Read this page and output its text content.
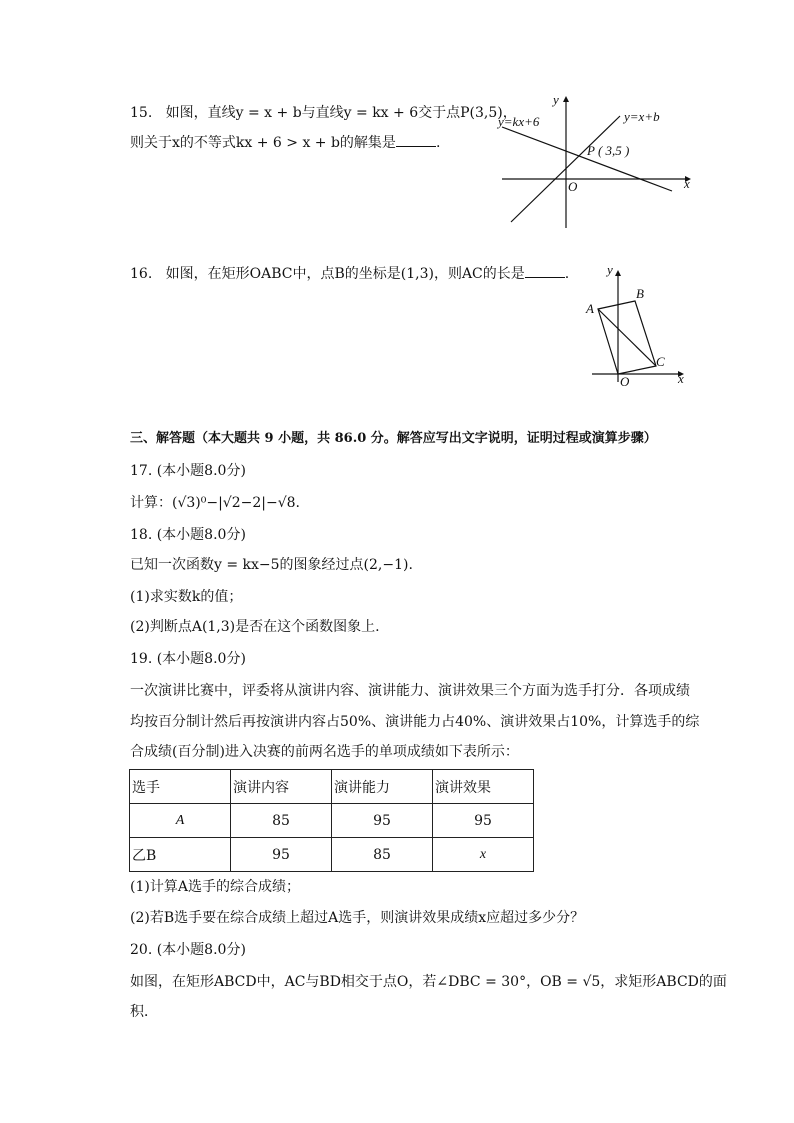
15. 如图，直线y = x + b与直线y = kx + 6交于点P(3,5)，
则关于x的不等式kx + 6 > x + b的解集是	.
y=kx+6	y=x+b
P ( 3,5 )
O	x
y
16. 如图，在矩形OABC中，点B的坐标是(1,3)，则AC的长是	.
A
B
C
O	x
y
三、解答题（本大题共 9 小题，共 86.0 分。解答应写出文字说明，证明过程或演算步骤）
17. (本小题8.0分)
计算：(√3)⁰−|√2−2|−√8.
18. (本小题8.0分)
已知一次函数y = kx−5的图象经过点(2,−1).
(1)求实数k的值；
(2)判断点A(1,3)是否在这个函数图象上.
19. (本小题8.0分)
一次演讲比赛中，评委将从演讲内容、演讲能力、演讲效果三个方面为选手打分．各项成绩
均按百分制计然后再按演讲内容占50%、演讲能力占40%、演讲效果占10%，计算选手的综
合成绩(百分制)进入决赛的前两名选手的单项成绩如下表所示：
选手	演讲内容	演讲能力	演讲效果
A	85	95	95
乙B	95	85	x
(1)计算A选手的综合成绩；
(2)若B选手要在综合成绩上超过A选手，则演讲效果成绩x应超过多少分？
20. (本小题8.0分)
如图，在矩形ABCD中，AC与BD相交于点O，若∠DBC = 30°，OB = √5，求矩形ABCD的面
积．
